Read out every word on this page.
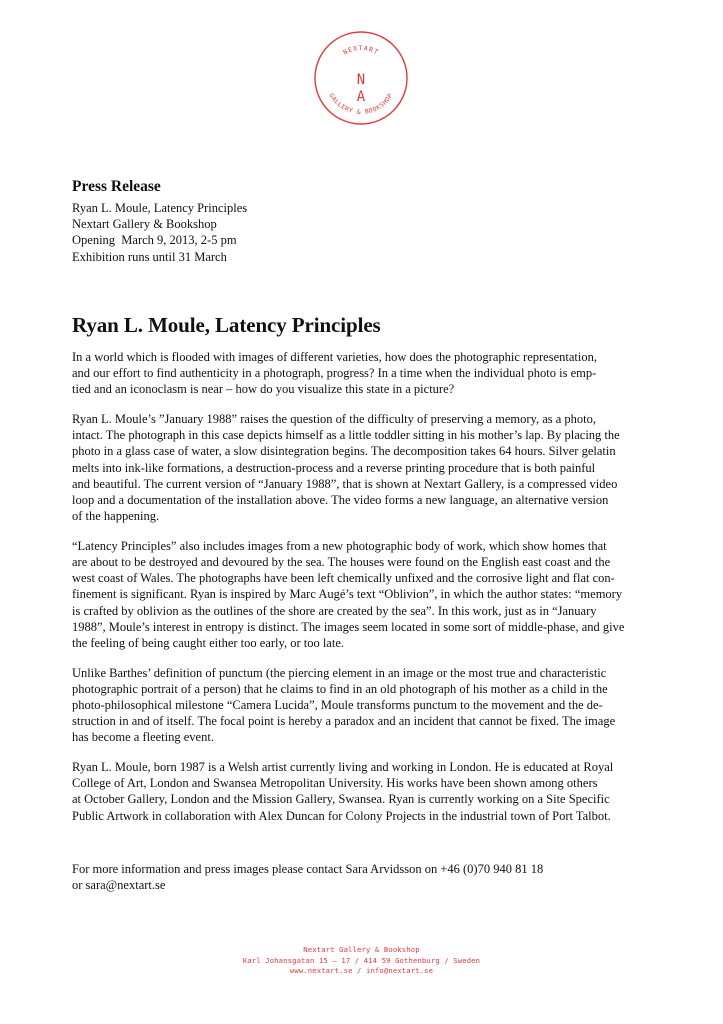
NEXTART
N
A
GALLERY & BOOKSHOP
Press Release
Ryan L. Moule, Latency Principles
Nextart Gallery & Bookshop
Opening  March 9, 2013, 2-5 pm
Exhibition runs until 31 March
Ryan L. Moule, Latency Principles

In a world which is flooded with images of different varieties, how does the photographic representation,
and our effort to find authenticity in a photograph, progress? In a time when the individual photo is emp-
tied and an iconoclasm is near – how do you visualize this state in a picture?

Ryan L. Moule’s ”January 1988” raises the question of the difficulty of preserving a memory, as a photo,
intact. The photograph in this case depicts himself as a little toddler sitting in his mother’s lap. By placing the
photo in a glass case of water, a slow disintegration begins. The decomposition takes 64 hours. Silver gelatin
melts into ink-like formations, a destruction-process and a reverse printing procedure that is both painful
and beautiful. The current version of “January 1988”, that is shown at Nextart Gallery, is a compressed video
loop and a documentation of the installation above. The video forms a new language, an alternative version
of the happening.

“Latency Principles” also includes images from a new photographic body of work, which show homes that
are about to be destroyed and devoured by the sea. The houses were found on the English east coast and the
west coast of Wales. The photographs have been left chemically unfixed and the corrosive light and flat con-
finement is significant. Ryan is inspired by Marc Augé’s text “Oblivion”, in which the author states: “memory
is crafted by oblivion as the outlines of the shore are created by the sea”. In this work, just as in “January
1988”, Moule’s interest in entropy is distinct. The images seem located in some sort of middle-phase, and give
the feeling of being caught either too early, or too late.

Unlike Barthes’ definition of punctum (the piercing element in an image or the most true and characteristic
photographic portrait of a person) that he claims to find in an old photograph of his mother as a child in the
photo-philosophical milestone “Camera Lucida”, Moule transforms punctum to the movement and the de-
struction in and of itself. The focal point is hereby a paradox and an incident that cannot be fixed. The image
has become a fleeting event.

Ryan L. Moule, born 1987 is a Welsh artist currently living and working in London. He is educated at Royal
College of Art, London and Swansea Metropolitan University. His works have been shown among others
at October Gallery, London and the Mission Gallery, Swansea. Ryan is currently working on a Site Specific
Public Artwork in collaboration with Alex Duncan for Colony Projects in the industrial town of Port Talbot.

For more information and press images please contact Sara Arvidsson on +46 (0)70 940 81 18
or sara@nextart.se
Nextart Gallery & Bookshop
Karl Johansgatan 15 – 17 / 414 59 Gothenburg / Sweden
www.nextart.se / info@nextart.se
